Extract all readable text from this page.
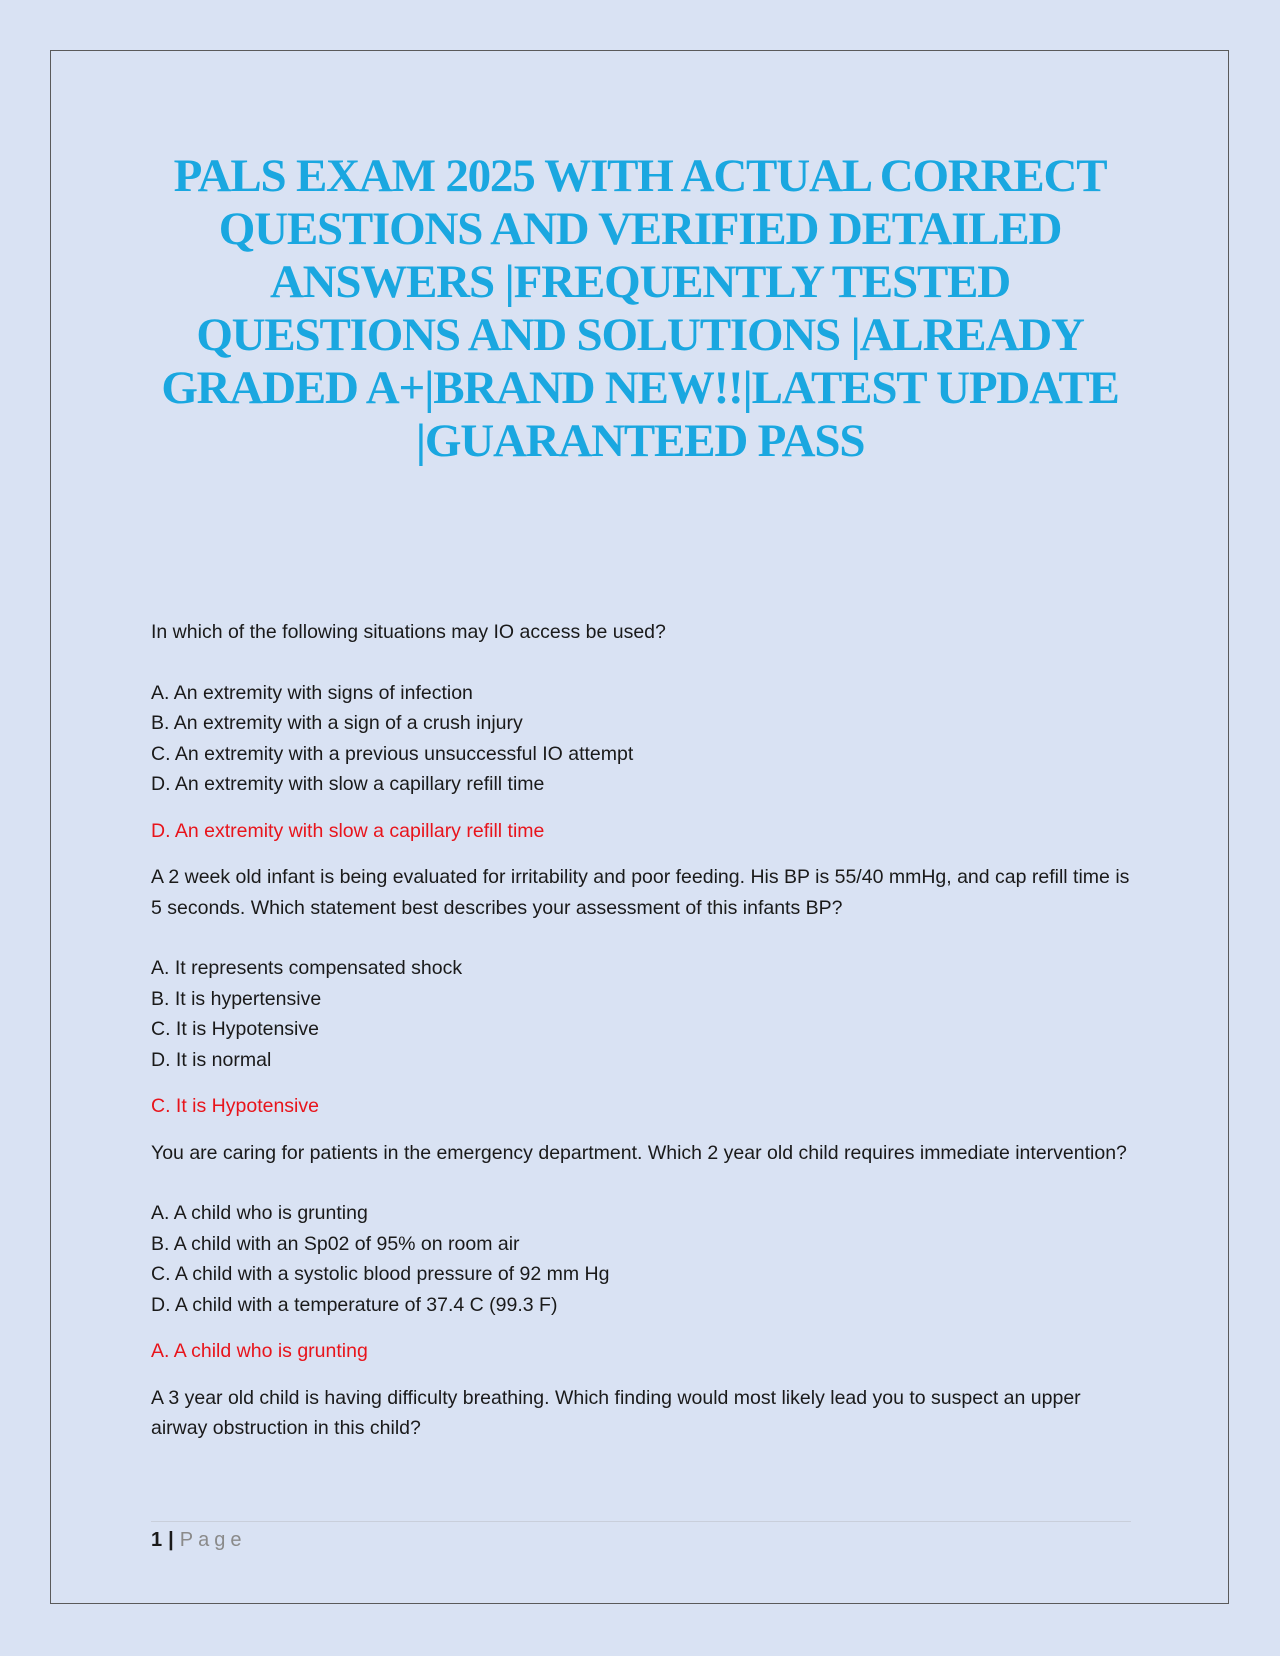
PALS EXAM 2025 WITH ACTUAL CORRECT QUESTIONS AND VERIFIED DETAILED ANSWERS |FREQUENTLY TESTED QUESTIONS AND SOLUTIONS |ALREADY GRADED A+|BRAND NEW!!|LATEST UPDATE |GUARANTEED PASS

In which of the following situations may IO access be used?

A. An extremity with signs of infection
B. An extremity with a sign of a crush injury
C. An extremity with a previous unsuccessful IO attempt
D. An extremity with slow a capillary refill time

D. An extremity with slow a capillary refill time

A 2 week old infant is being evaluated for irritability and poor feeding. His BP is 55/40 mmHg, and cap refill time is 5 seconds. Which statement best describes your assessment of this infants BP?

A. It represents compensated shock
B. It is hypertensive
C. It is Hypotensive
D. It is normal

C. It is Hypotensive

You are caring for patients in the emergency department. Which 2 year old child requires immediate intervention?

A. A child who is grunting
B. A child with an Sp02 of 95% on room air
C. A child with a systolic blood pressure of 92 mm Hg
D. A child with a temperature of 37.4 C (99.3 F)

A. A child who is grunting

A 3 year old child is having difficulty breathing. Which finding would most likely lead you to suspect an upper airway obstruction in this child?

1 | Page
